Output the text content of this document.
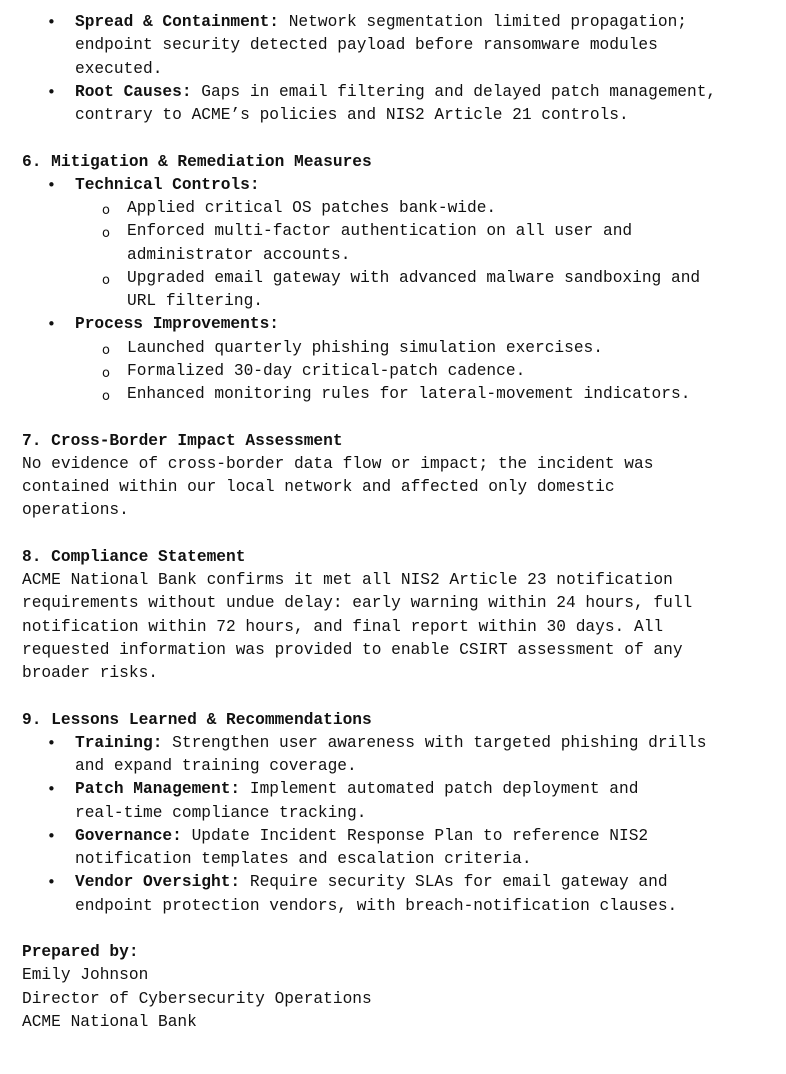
• Spread & Containment: Network segmentation limited propagation;
endpoint security detected payload before ransomware modules
executed.
• Root Causes: Gaps in email filtering and delayed patch management,
contrary to ACME’s policies and NIS2 Article 21 controls.
6. Mitigation & Remediation Measures
• Technical Controls:
o Applied critical OS patches bank-wide.
o Enforced multi-factor authentication on all user and
administrator accounts.
o Upgraded email gateway with advanced malware sandboxing and
URL filtering.
• Process Improvements:
o Launched quarterly phishing simulation exercises.
o Formalized 30-day critical-patch cadence.
o Enhanced monitoring rules for lateral-movement indicators.
7. Cross-Border Impact Assessment
No evidence of cross-border data flow or impact; the incident was
contained within our local network and affected only domestic
operations.
8. Compliance Statement
ACME National Bank confirms it met all NIS2 Article 23 notification
requirements without undue delay: early warning within 24 hours, full
notification within 72 hours, and final report within 30 days. All
requested information was provided to enable CSIRT assessment of any
broader risks.
9. Lessons Learned & Recommendations
• Training: Strengthen user awareness with targeted phishing drills
and expand training coverage.
• Patch Management: Implement automated patch deployment and
real-time compliance tracking.
• Governance: Update Incident Response Plan to reference NIS2
notification templates and escalation criteria.
• Vendor Oversight: Require security SLAs for email gateway and
endpoint protection vendors, with breach-notification clauses.
Prepared by:
Emily Johnson
Director of Cybersecurity Operations
ACME National Bank
